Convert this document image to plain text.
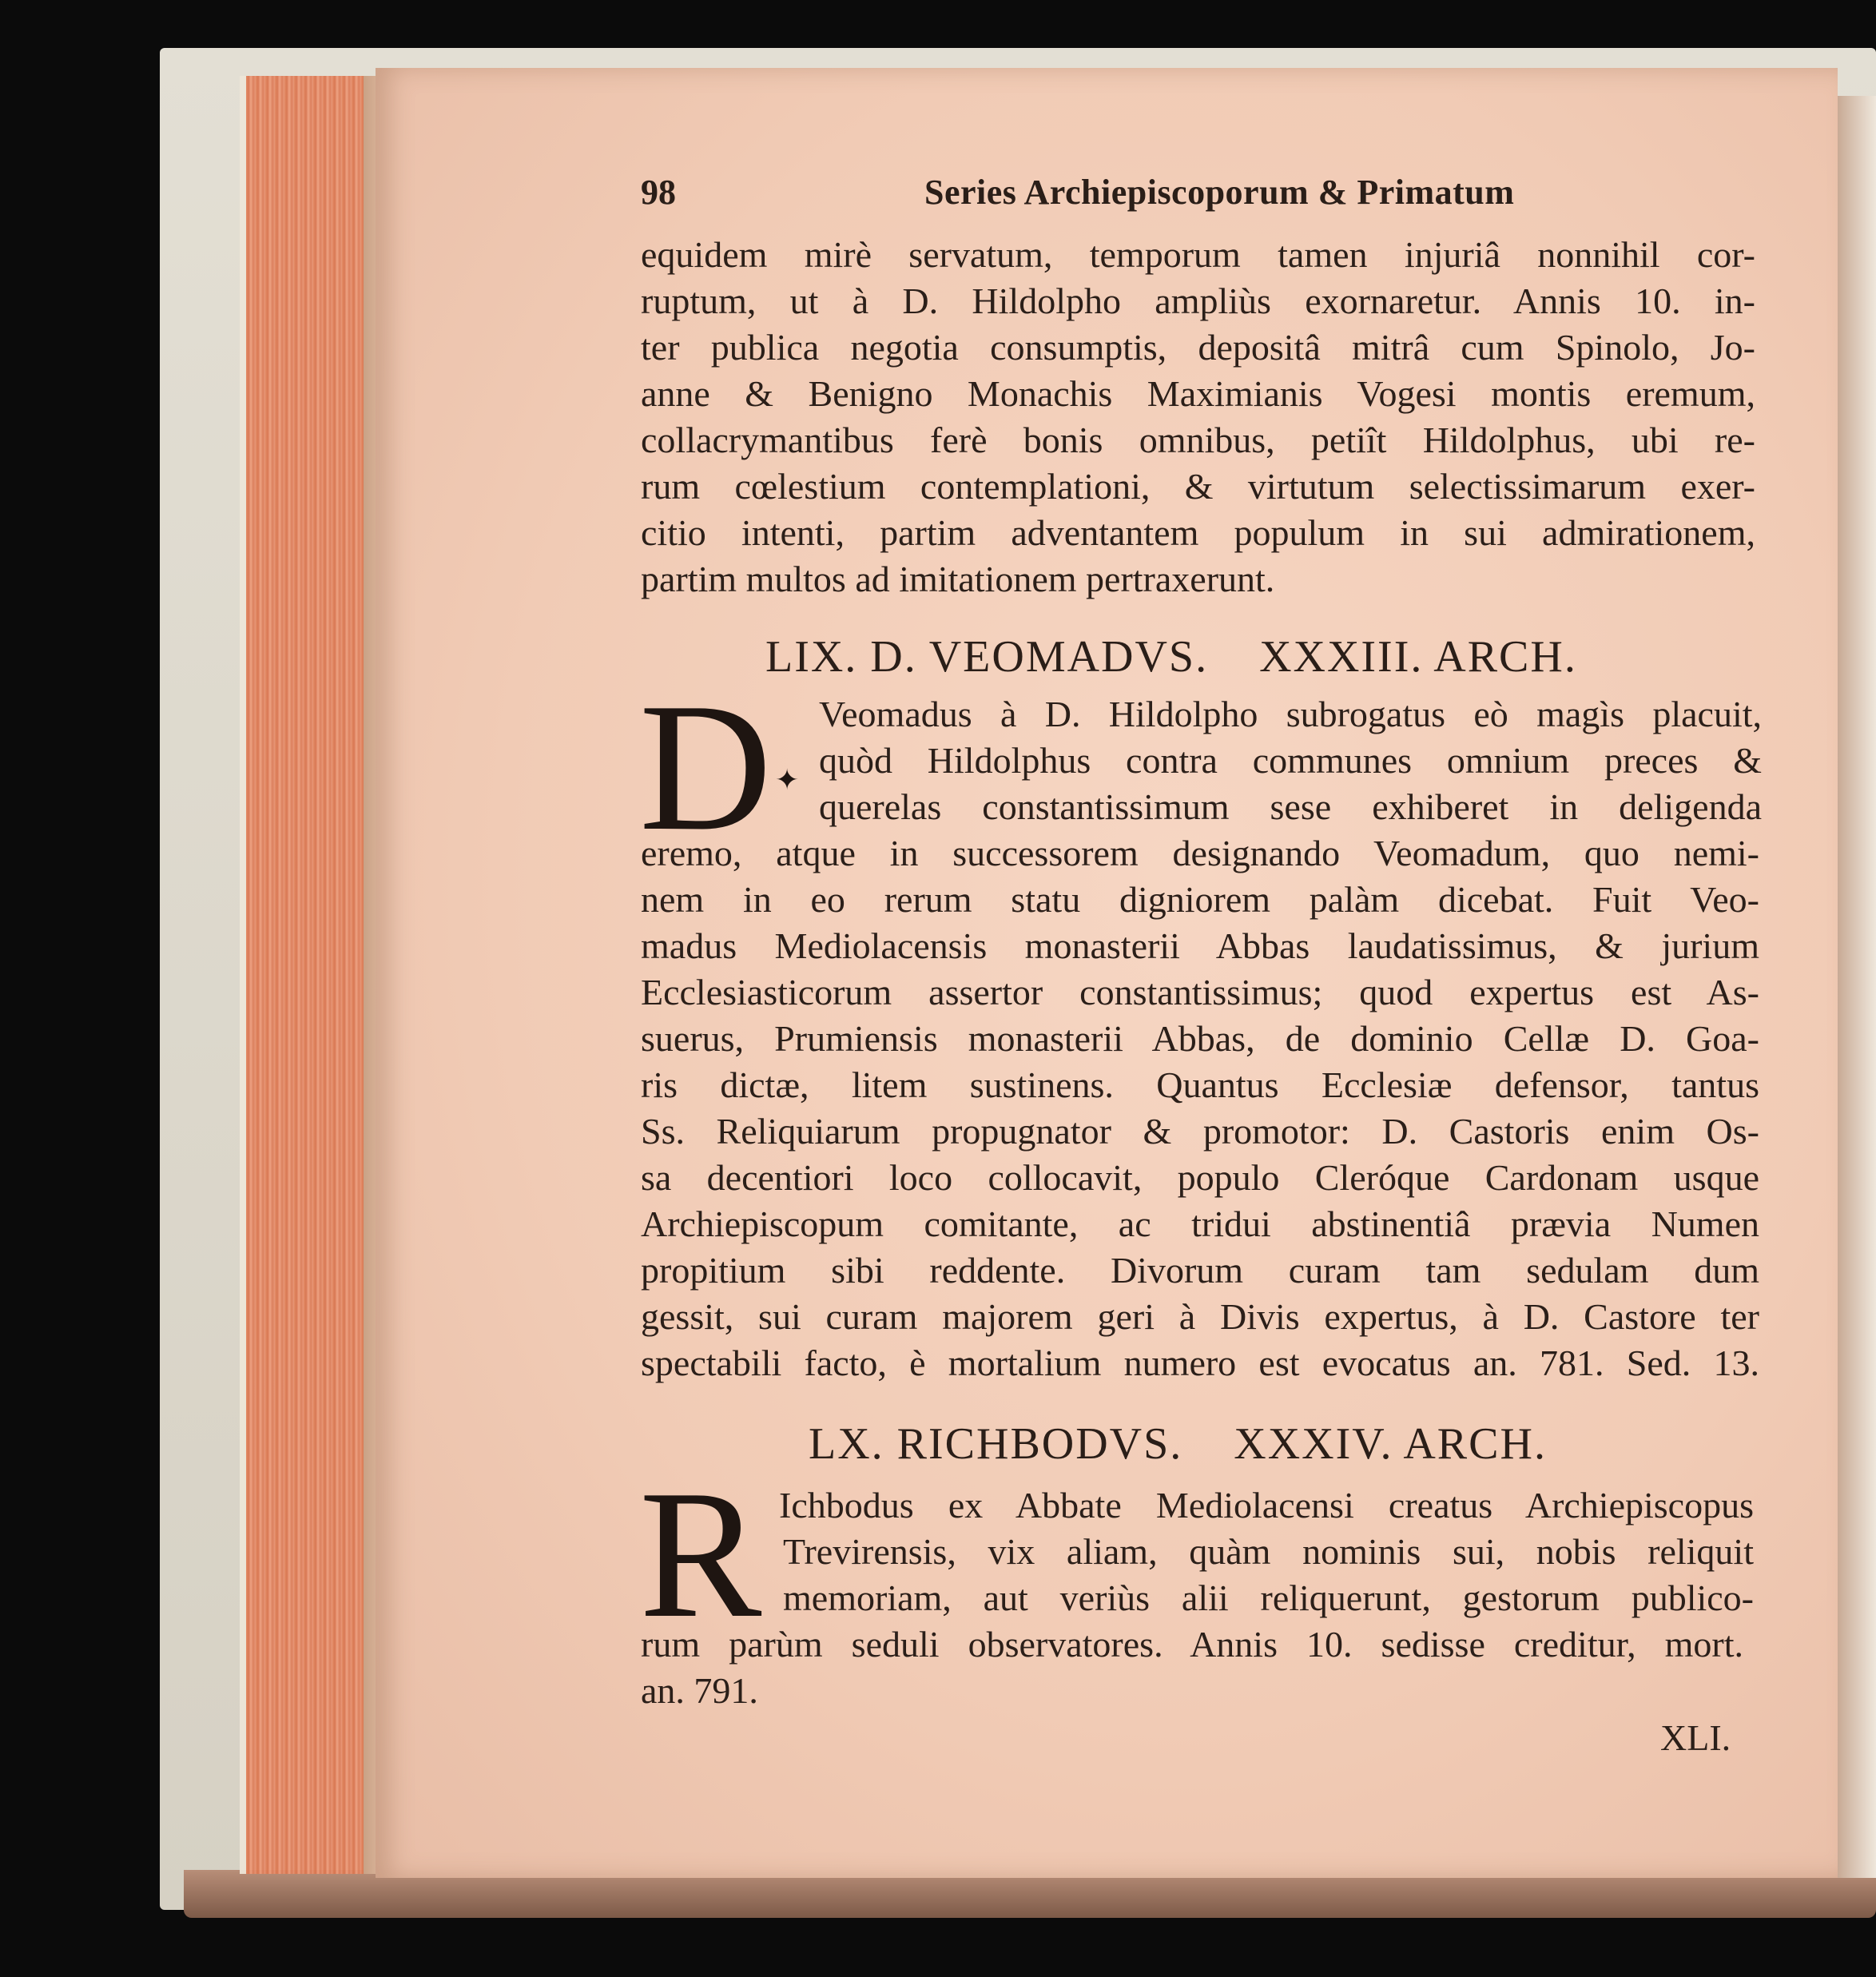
98	Series Archiepiscoporum & Primatum
equidem mirè servatum, temporum tamen injuriâ nonnihil cor-
ruptum, ut à D. Hildolpho ampliùs exornaretur. Annis 10. in-
ter publica negotia consumptis, depositâ mitrâ cum Spinolo, Jo-
anne & Benigno Monachis Maximianis Vogesi montis eremum,
collacrymantibus ferè bonis omnibus, petiît Hildolphus, ubi re-
rum cœlestium contemplationi, & virtutum selectissimarum exer-
citio intenti, partim adventantem populum in sui admirationem,
partim multos ad imitationem pertraxerunt.
LIX. D. VEOMADVS.    XXXIII. ARCH.
D ✦
Veomadus à D. Hildolpho subrogatus eò magìs placuit,
quòd Hildolphus contra communes omnium preces &
querelas constantissimum sese exhiberet in deligenda
eremo, atque in successorem designando Veomadum, quo nemi-
nem in eo rerum statu digniorem palàm dicebat. Fuit Veo-
madus Mediolacensis monasterii Abbas laudatissimus, & jurium
Ecclesiasticorum assertor constantissimus; quod expertus est As-
suerus, Prumiensis monasterii Abbas, de dominio Cellæ D. Goa-
ris dictæ, litem sustinens. Quantus Ecclesiæ defensor, tantus
Ss. Reliquiarum propugnator & promotor: D. Castoris enim Os-
sa decentiori loco collocavit, populo Cleróque Cardonam usque
Archiepiscopum comitante, ac tridui abstinentiâ prævia Numen
propitium sibi reddente. Divorum curam tam sedulam dum
gessit, sui curam majorem geri à Divis expertus, à D. Castore ter
spectabili facto, è mortalium numero est evocatus an. 781. Sed. 13.
LX. RICHBODVS.    XXXIV. ARCH.
R Ichbodus ex Abbate Mediolacensi creatus Archiepiscopus
Trevirensis, vix aliam, quàm nominis sui, nobis reliquit
memoriam, aut veriùs alii reliquerunt, gestorum publico-
rum parùm seduli observatores. Annis 10. sedisse creditur, mort.
an. 791.
XLI.
